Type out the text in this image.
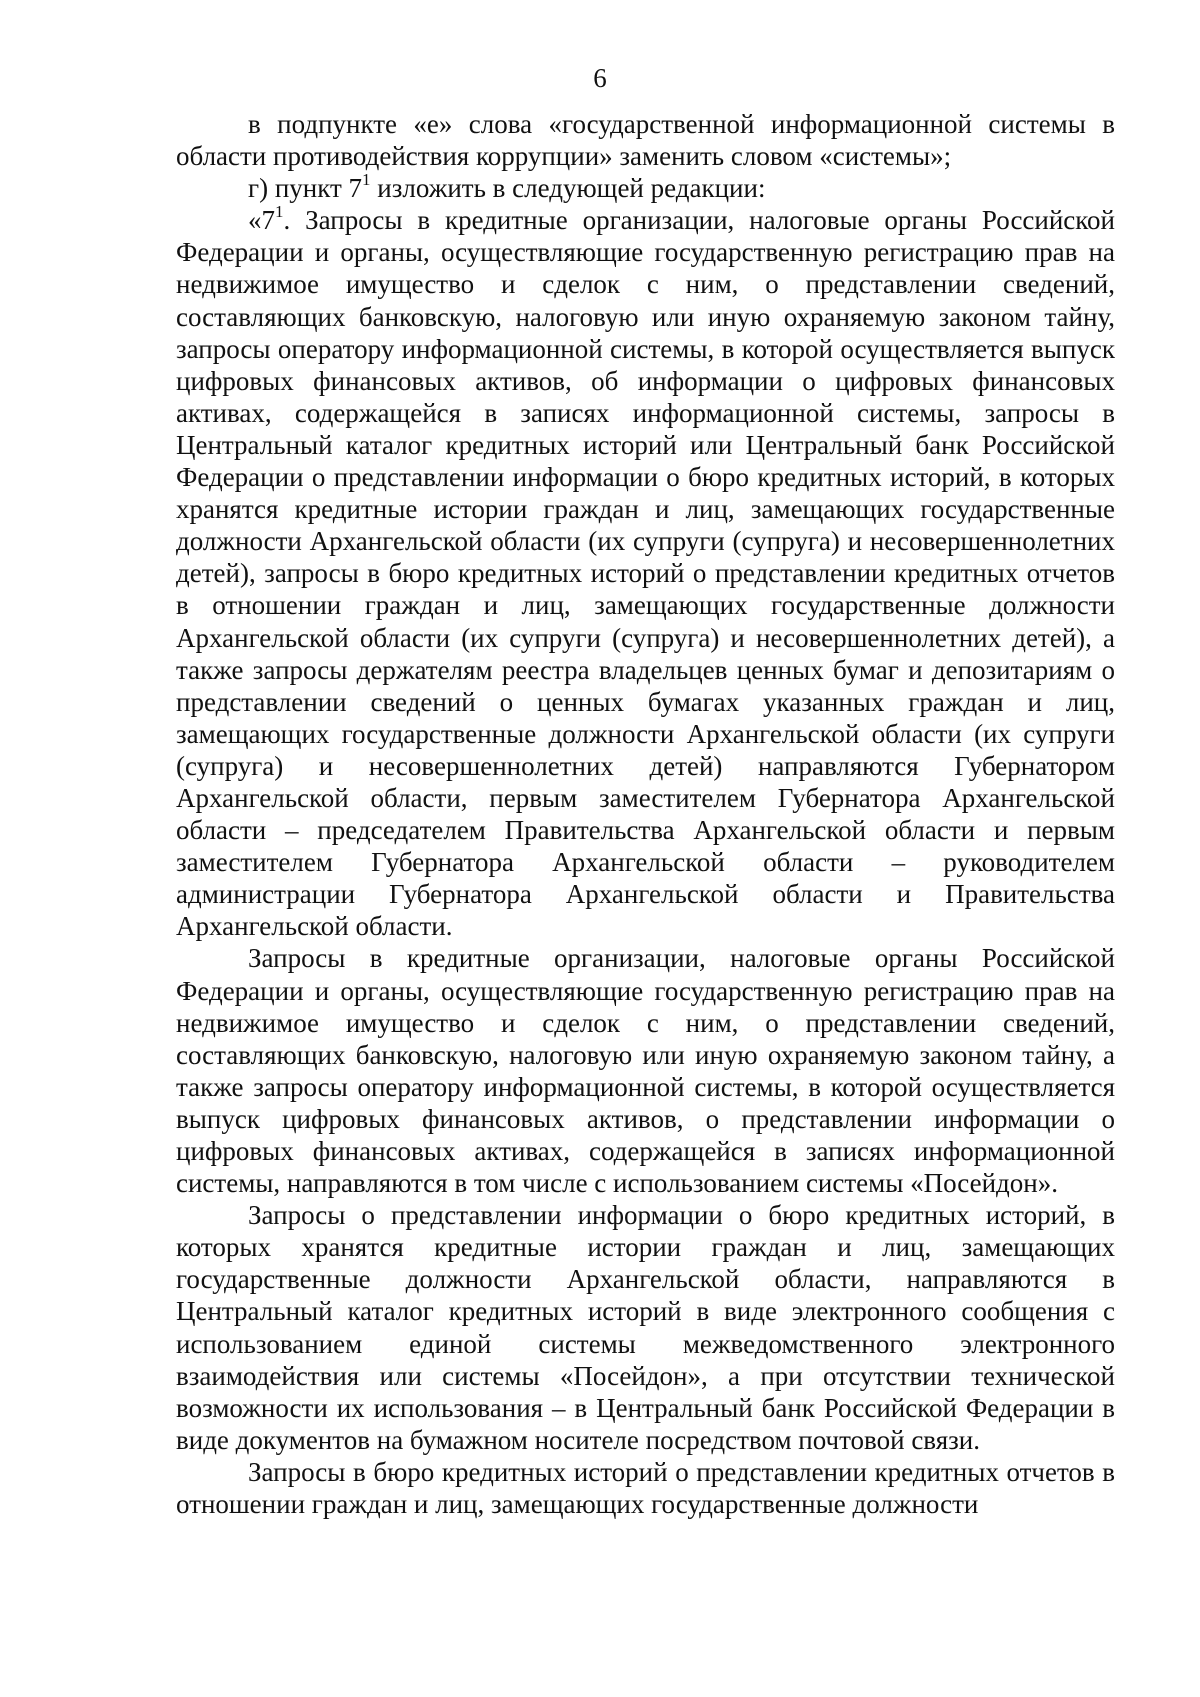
6

в подпункте «е» слова «государственной информационной системы в области противодействия коррупции» заменить словом «системы»;

г) пункт $7^1$ изложить в следующей редакции:

«$7^1$. Запросы в кредитные организации, налоговые органы Российской Федерации и органы, осуществляющие государственную регистрацию прав на недвижимое имущество и сделок с ним, о представлении сведений, составляющих банковскую, налоговую или иную охраняемую законом тайну, запросы оператору информационной системы, в которой осуществляется выпуск цифровых финансовых активов, об информации о цифровых финансовых активах, содержащейся в записях информационной системы, запросы в Центральный каталог кредитных историй или Центральный банк Российской Федерации о представлении информации о бюро кредитных историй, в которых хранятся кредитные истории граждан и лиц, замещающих государственные должности Архангельской области (их супруги (супруга) и несовершеннолетних детей), запросы в бюро кредитных историй о представлении кредитных отчетов в отношении граждан и лиц, замещающих государственные должности Архангельской области (их супруги (супруга) и несовершеннолетних детей), а также запросы держателям реестра владельцев ценных бумаг и депозитариям о представлении сведений о ценных бумагах указанных граждан и лиц, замещающих государственные должности Архангельской области (их супруги (супруга) и несовершеннолетних детей) направляются Губернатором Архангельской области, первым заместителем Губернатора Архангельской области – председателем Правительства Архангельской области и первым заместителем Губернатора Архангельской области – руководителем администрации Губернатора Архангельской области и Правительства Архангельской области.

Запросы в кредитные организации, налоговые органы Российской Федерации и органы, осуществляющие государственную регистрацию прав на недвижимое имущество и сделок с ним, о представлении сведений, составляющих банковскую, налоговую или иную охраняемую законом тайну, а также запросы оператору информационной системы, в которой осуществляется выпуск цифровых финансовых активов, о представлении информации о цифровых финансовых активах, содержащейся в записях информационной системы, направляются в том числе с использованием системы «Посейдон».

Запросы о представлении информации о бюро кредитных историй, в которых хранятся кредитные истории граждан и лиц, замещающих государственные должности Архангельской области, направляются в Центральный каталог кредитных историй в виде электронного сообщения с использованием единой системы межведомственного электронного взаимодействия или системы «Посейдон», а при отсутствии технической возможности их использования – в Центральный банк Российской Федерации в виде документов на бумажном носителе посредством почтовой связи.

Запросы в бюро кредитных историй о представлении кредитных отчетов в отношении граждан и лиц, замещающих государственные должности
